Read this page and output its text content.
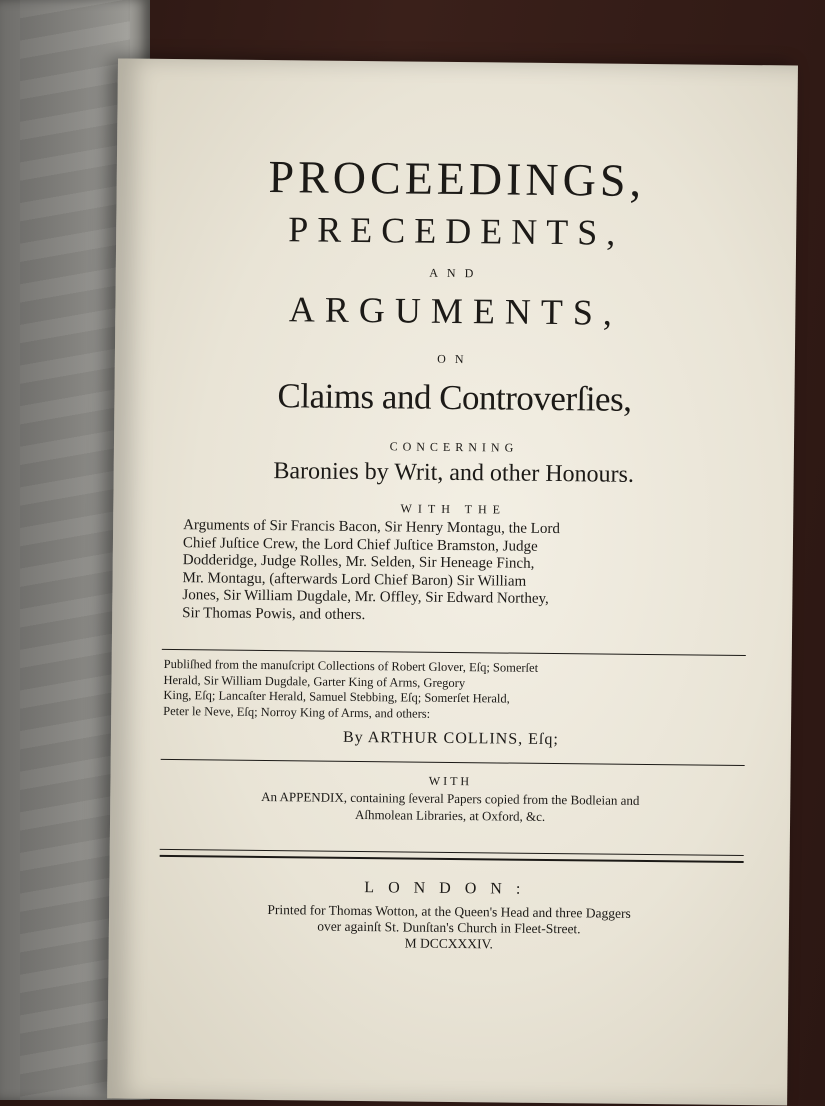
PROCEEDINGS,
PRECEDENTS,
AND
ARGUMENTS,
ON
Claims and Controverſies,
CONCERNING
Baronies by Writ, and other Honours.
WITH THE
Arguments of Sir Francis Bacon, Sir Henry Montagu, the Lord
Chief Juſtice Crew, the Lord Chief Juſtice Bramston, Judge
Dodderidge, Judge Rolles, Mr. Selden, Sir Heneage Finch,
Mr. Montagu, (afterwards Lord Chief Baron) Sir William
Jones, Sir William Dugdale, Mr. Offley, Sir Edward Northey,
Sir Thomas Powis, and others.
Publiſhed from the manuſcript Collections of Robert Glover, Eſq; Somerſet
Herald, Sir William Dugdale, Garter King of Arms, Gregory
King, Eſq; Lancaſter Herald, Samuel Stebbing, Eſq; Somerſet Herald,
Peter le Neve, Eſq; Norroy King of Arms, and others:
By ARTHUR COLLINS, Eſq;
WITH
An APPENDIX, containing ſeveral Papers copied from the Bodleian and
Aſhmolean Libraries, at Oxford, &c.
LONDON:
Printed for Thomas Wotton, at the Queen's Head and three Daggers
over againſt St. Dunſtan's Church in Fleet-Street.
M DCCXXXIV.
